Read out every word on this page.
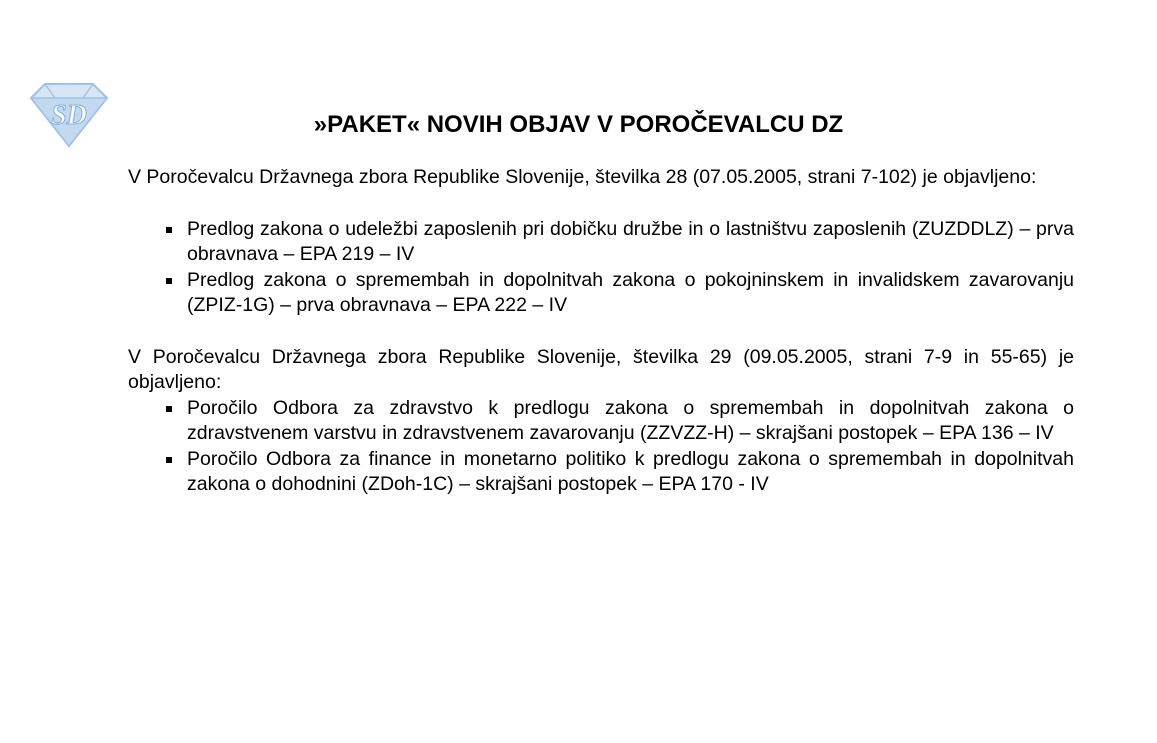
SD	»PAKET« NOVIH OBJAV V POROČEVALCU DZ

V Poročevalcu Državnega zbora Republike Slovenije, številka 28 (07.05.2005, strani 7-102) je objavljeno:

Predlog zakona o udeležbi zaposlenih pri dobičku družbe in o lastništvu zaposlenih (ZUZDDLZ) – prva obravnava – EPA 219 – IV
Predlog zakona o spremembah in dopolnitvah zakona o pokojninskem in invalidskem zavarovanju (ZPIZ-1G) – prva obravnava – EPA 222 – IV

V Poročevalcu Državnega zbora Republike Slovenije, številka 29 (09.05.2005, strani 7-9 in 55-65) je objavljeno:

Poročilo Odbora za zdravstvo k predlogu zakona o spremembah in dopolnitvah zakona o zdravstvenem varstvu in zdravstvenem zavarovanju (ZZVZZ-H) – skrajšani postopek – EPA 136 – IV
Poročilo Odbora za finance in monetarno politiko k predlogu zakona o spremembah in dopolnitvah zakona o dohodnini (ZDoh-1C) – skrajšani postopek – EPA 170 - IV
